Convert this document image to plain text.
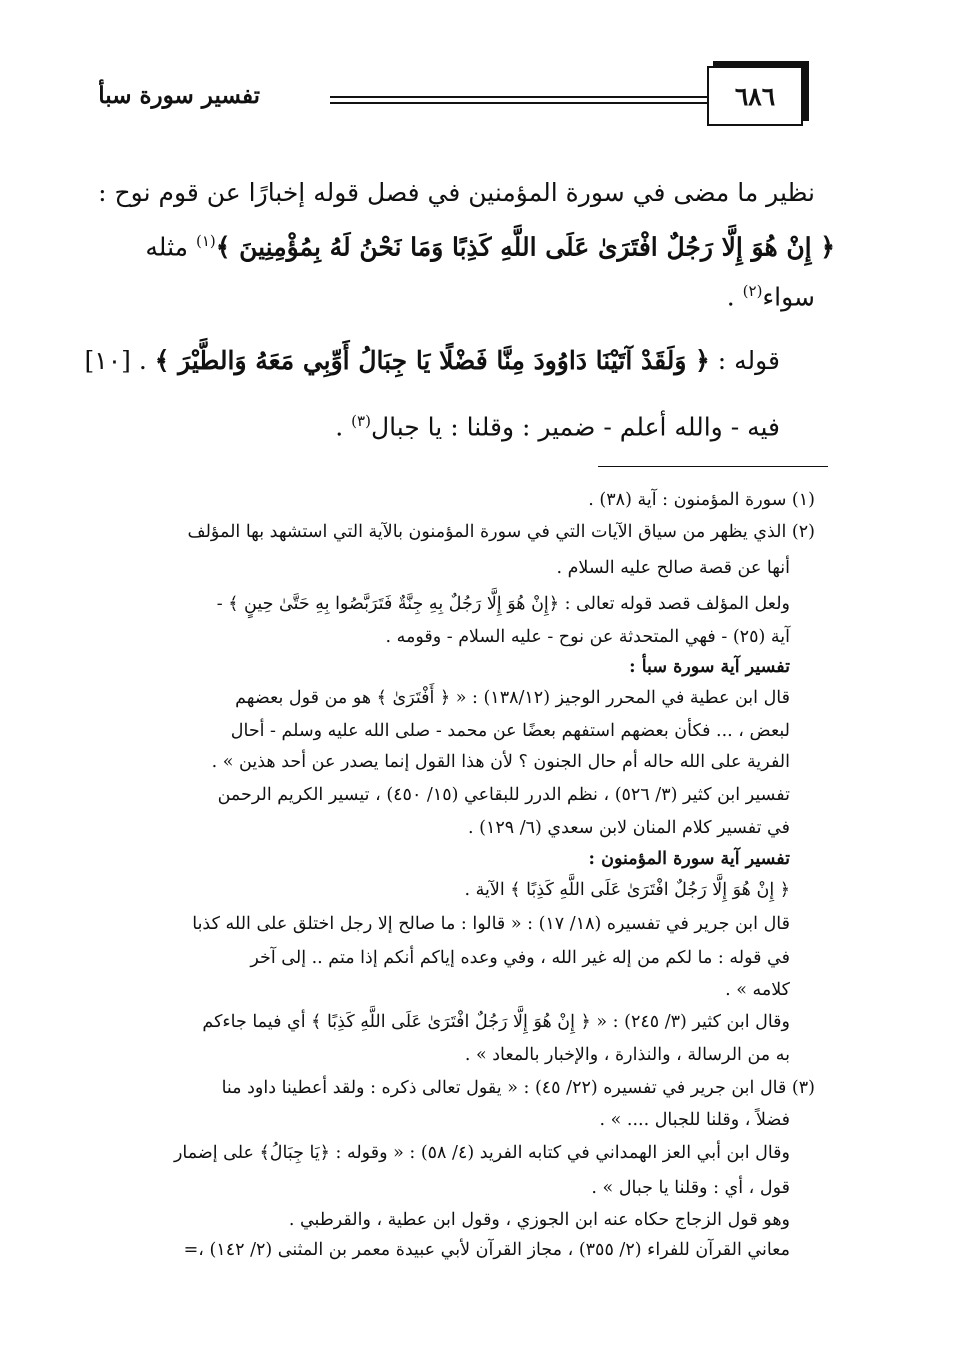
تفسير سورة سبأ	٦٨٦
نظير ما مضى في سورة المؤمنين في فصل قوله إخبارًا عن قوم نوح :
﴿ إِنْ هُوَ إِلَّا رَجُلٌ افْتَرَىٰ عَلَى اللَّهِ كَذِبًا وَمَا نَحْنُ لَهُ بِمُؤْمِنِينَ ﴾$^{(١)}$ مثله
سواء$^{(٢)}$ .
قوله : ﴿ وَلَقَدْ آتَيْنَا دَاوُودَ مِنَّا فَضْلًا يَا جِبَالُ أَوِّبِي مَعَهُ وَالطَّيْرَ ﴾ . [١٠]
فيه - والله أعلم - ضمير : وقلنا : يا جبال$^{(٣)}$ .
(١) سورة المؤمنون : آية (٣٨) .
(٢) الذي يظهر من سياق الآيات التي في سورة المؤمنون بالآية التي استشهد بها المؤلف
أنها عن قصة صالح عليه السلام .
ولعل المؤلف قصد قوله تعالى : ﴿إِنْ هُوَ إِلَّا رَجُلٌ بِهِ جِنَّةٌ فَتَرَبَّصُوا بِهِ حَتَّىٰ حِينٍ ﴾ -
آية (٢٥) - فهي المتحدثة عن نوح - عليه السلام - وقومه .
تفسير آية سورة سبأ :
قال ابن عطية في المحرر الوجيز (١٣٨/١٢) : « ﴿ أَفْتَرَىٰ ﴾ هو من قول بعضهم
لبعض ، ... فكأن بعضهم استفهم بعضًا عن محمد - صلى الله عليه وسلم - أحال
الفرية على الله حاله أم حال الجنون ؟ لأن هذا القول إنما يصدر عن أحد هذين » .
تفسير ابن كثير (٣/ ٥٢٦) ، نظم الدرر للبقاعي (١٥/ ٤٥٠) ، تيسير الكريم الرحمن
في تفسير كلام المنان لابن سعدي (٦/ ١٢٩) .
تفسير آية سورة المؤمنون :
﴿ إِنْ هُوَ إِلَّا رَجُلٌ افْتَرَىٰ عَلَى اللَّهِ كَذِبًا ﴾ الآية .
قال ابن جرير في تفسيره (١٨/ ١٧) : « قالوا : ما صالح إلا رجل اختلق على الله كذبا
في قوله : ما لكم من إله غير الله ، وفي وعده إياكم أنكم إذا متم .. إلى آخر
كلامه » .
وقال ابن كثير (٣/ ٢٤٥) : « ﴿ إِنْ هُوَ إِلَّا رَجُلٌ افْتَرَىٰ عَلَى اللَّهِ كَذِبًا ﴾ أي فيما جاءكم
به من الرسالة ، والنذارة ، والإخبار بالمعاد » .
(٣) قال ابن جرير في تفسيره (٢٢/ ٤٥) : « يقول تعالى ذكره : ولقد أعطينا داود منا
فضلاً ، وقلنا للجبال .... » .
وقال ابن أبي العز الهمداني في كتابه الفريد (٤/ ٥٨) : « وقوله : ﴿يَا جِبَالُ﴾ على إضمار
قول ، أي : وقلنا يا جبال » .
وهو قول الزجاج حكاه عنه ابن الجوزي ، وقول ابن عطية ، والقرطبي .
معاني القرآن للفراء (٢/ ٣٥٥) ، مجاز القرآن لأبي عبيدة معمر بن المثنى (٢/ ١٤٢) ،=
